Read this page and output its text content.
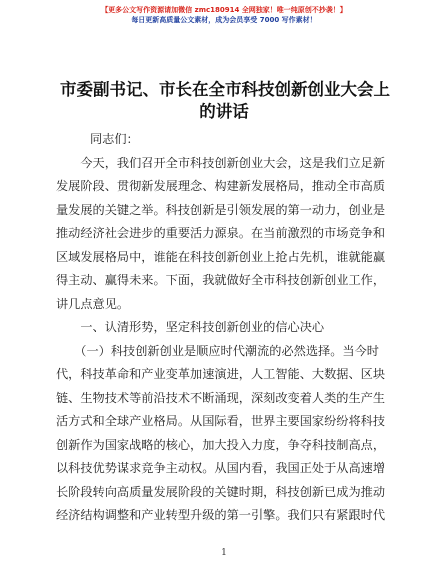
【更多公文写作资源请加微信 zmc180914 全网独家！唯一纯原创不抄袭！】
每日更新高质量公文素材，成为会员享受 7000 写作素材！
市委副书记、市长在全市科技创新创业大会上
的讲话
同志们：
　　今天，我们召开全市科技创新创业大会，这是我们立足新
发展阶段、贯彻新发展理念、构建新发展格局，推动全市高质
量发展的关键之举。科技创新是引领发展的第一动力，创业是
推动经济社会进步的重要活力源泉。在当前激烈的市场竞争和
区域发展格局中，谁能在科技创新创业上抢占先机，谁就能赢
得主动、赢得未来。下面，我就做好全市科技创新创业工作，
讲几点意见。
　　一、认清形势，坚定科技创新创业的信心决心
　　（一）科技创新创业是顺应时代潮流的必然选择。当今时
代，科技革命和产业变革加速演进，人工智能、大数据、区块
链、生物技术等前沿技术不断涌现，深刻改变着人类的生产生
活方式和全球产业格局。从国际看，世界主要国家纷纷将科技
创新作为国家战略的核心，加大投入力度，争夺科技制高点，
以科技优势谋求竞争主动权。从国内看，我国正处于从高速增
长阶段转向高质量发展阶段的关键时期，科技创新已成为推动
经济结构调整和产业转型升级的第一引擎。我们只有紧跟时代
1
